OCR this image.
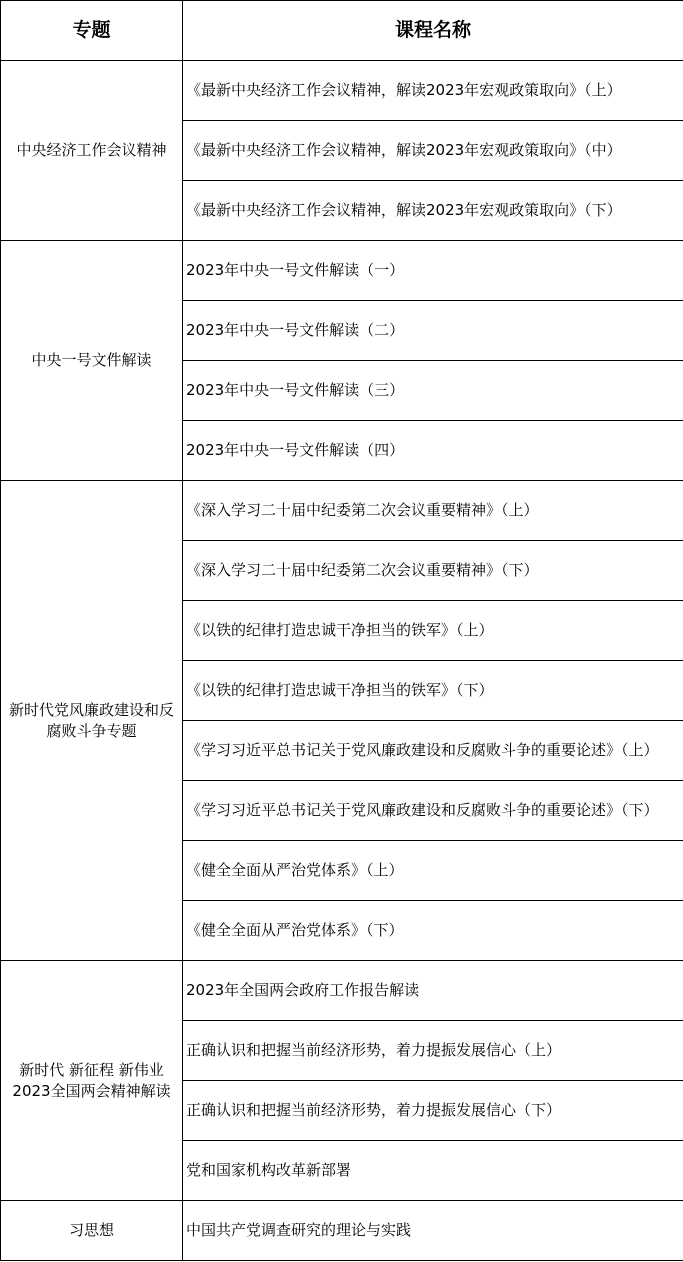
专题	课程名称

中央经济工作会议精神	《最新中央经济工作会议精神，解读2023年宏观政策取向》（上）
	《最新中央经济工作会议精神，解读2023年宏观政策取向》（中）
	《最新中央经济工作会议精神，解读2023年宏观政策取向》（下）

中央一号文件解读	2023年中央一号文件解读（一）
	2023年中央一号文件解读（二）
	2023年中央一号文件解读（三）
	2023年中央一号文件解读（四）

新时代党风廉政建设和反
腐败斗争专题	《深入学习二十届中纪委第二次会议重要精神》（上）
	《深入学习二十届中纪委第二次会议重要精神》（下）
	《以铁的纪律打造忠诚干净担当的铁军》（上）
	《以铁的纪律打造忠诚干净担当的铁军》（下）
	《学习习近平总书记关于党风廉政建设和反腐败斗争的重要论述》（上）
	《学习习近平总书记关于党风廉政建设和反腐败斗争的重要论述》（下）
	《健全全面从严治党体系》（上）
	《健全全面从严治党体系》（下）

新时代 新征程 新伟业
2023全国两会精神解读	2023年全国两会政府工作报告解读
	正确认识和把握当前经济形势，着力提振发展信心（上）
	正确认识和把握当前经济形势，着力提振发展信心（下）
	党和国家机构改革新部署

习思想	中国共产党调查研究的理论与实践
